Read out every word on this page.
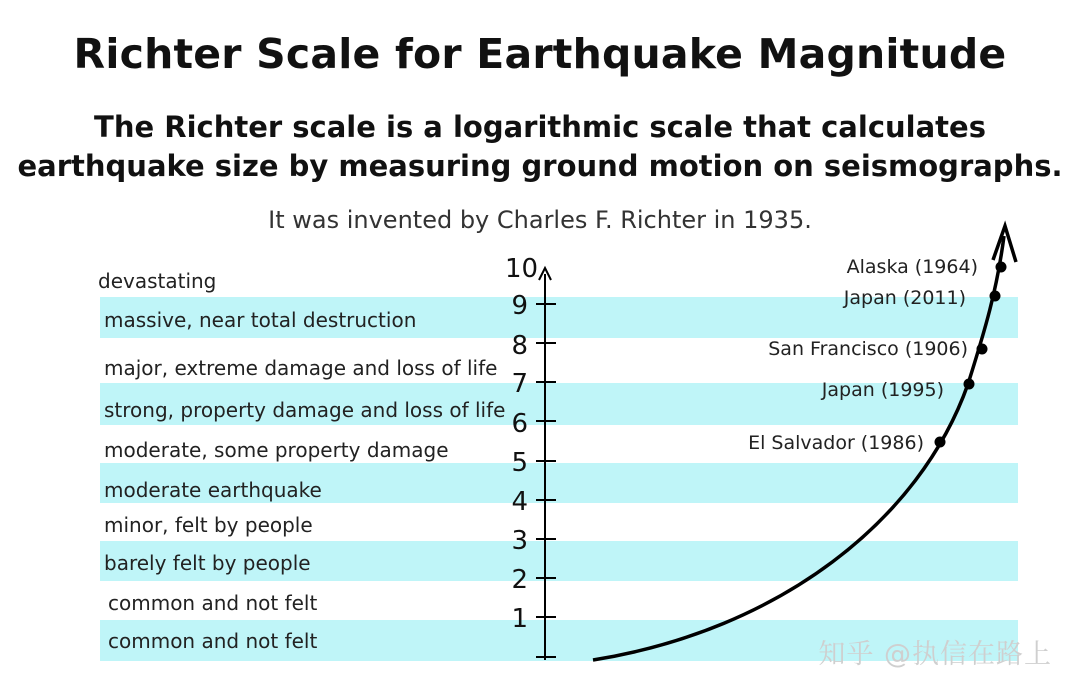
Richter Scale for Earthquake Magnitude
The Richter scale is a logarithmic scale that calculates
earthquake size by measuring ground motion on seismographs.
It was invented by Charles F. Richter in 1935.
devastating
massive, near total destruction
major, extreme damage and loss of life
strong, property damage and loss of life
moderate, some property damage
moderate earthquake
minor, felt by people
barely felt by people
common and not felt
common and not felt
10
9
8
7
6
5
4
3
2
1
Alaska (1964)
Japan (2011)
San Francisco (1906)
Japan (1995)
El Salvador (1986)
知乎 @执信在路上
